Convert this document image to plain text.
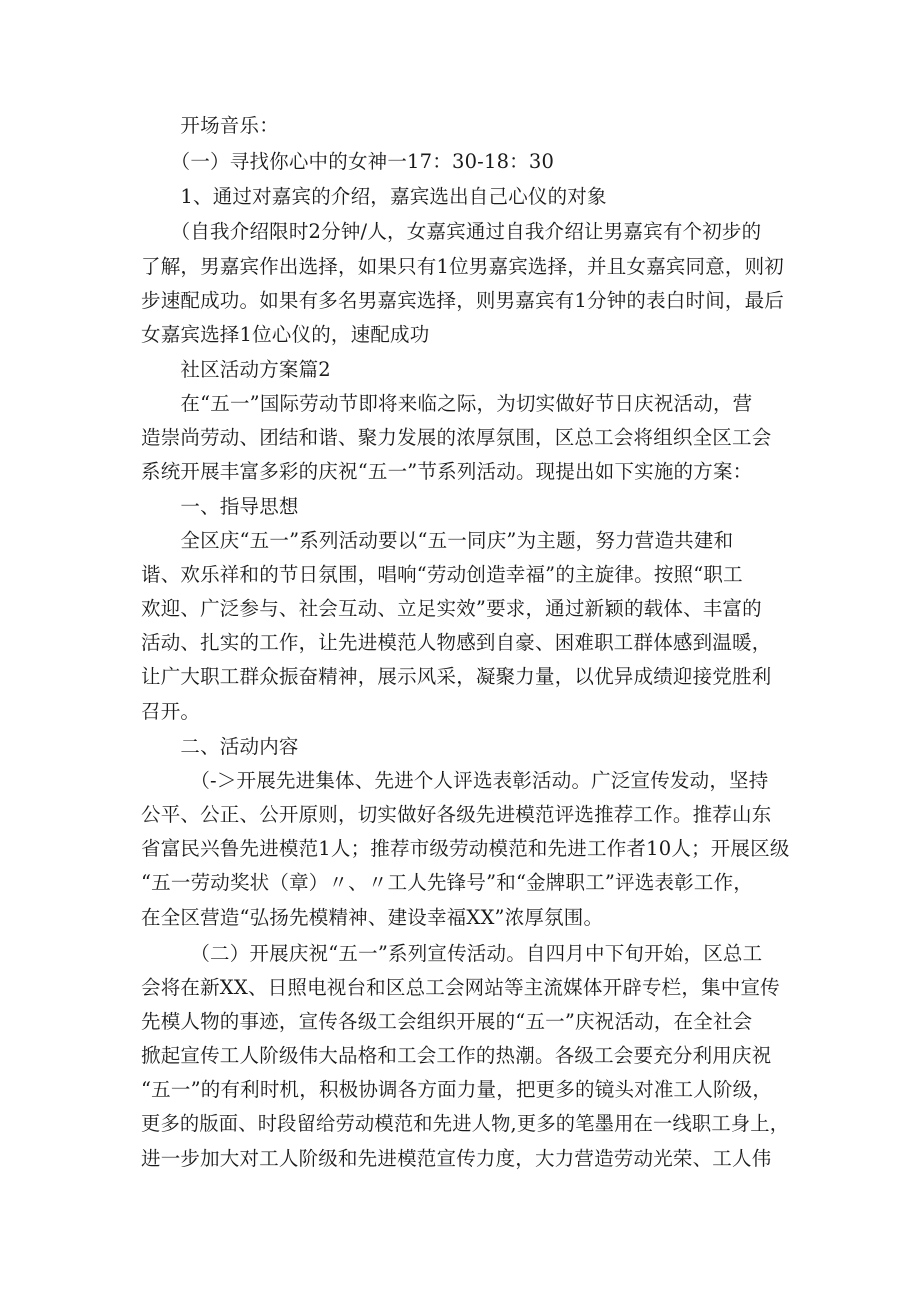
　　开场音乐：
　　（一）寻找你心中的女神一17：30-18：30
　　1、通过对嘉宾的介绍，嘉宾选出自己心仪的对象
　　（自我介绍限时2分钟/人，女嘉宾通过自我介绍让男嘉宾有个初步的
了解，男嘉宾作出选择，如果只有1位男嘉宾选择，并且女嘉宾同意，则初
步速配成功。如果有多名男嘉宾选择，则男嘉宾有1分钟的表白时间，最后
女嘉宾选择1位心仪的，速配成功
　　社区活动方案篇2
　　在“五一”国际劳动节即将来临之际，为切实做好节日庆祝活动，营
造崇尚劳动、团结和谐、聚力发展的浓厚氛围，区总工会将组织全区工会
系统开展丰富多彩的庆祝“五一”节系列活动。现提出如下实施的方案：
　　一、指导思想
　　全区庆“五一”系列活动要以“五一同庆”为主题，努力营造共建和
谐、欢乐祥和的节日氛围，唱响“劳动创造幸福”的主旋律。按照“职工
欢迎、广泛参与、社会互动、立足实效”要求，通过新颖的载体、丰富的
活动、扎实的工作，让先进模范人物感到自豪、困难职工群体感到温暖，
让广大职工群众振奋精神，展示风采，凝聚力量，以优异成绩迎接党胜利
召开。
　　二、活动内容
　　　（-＞开展先进集体、先进个人评选表彰活动。广泛宣传发动，坚持
公平、公正、公开原则，切实做好各级先进模范评选推荐工作。推荐山东
省富民兴鲁先进模范1人；推荐市级劳动模范和先进工作者10人；开展区级
“五一劳动奖状（章）〃、〃工人先锋号”和“金牌职工”评选表彰工作，
在全区营造“弘扬先模精神、建设幸福XX”浓厚氛围。
　　　（二）开展庆祝“五一”系列宣传活动。自四月中下旬开始，区总工
会将在新XX、日照电视台和区总工会网站等主流媒体开辟专栏，集中宣传
先模人物的事迹，宣传各级工会组织开展的“五一”庆祝活动，在全社会
掀起宣传工人阶级伟大品格和工会工作的热潮。各级工会要充分利用庆祝
“五一”的有利时机，积极协调各方面力量，把更多的镜头对准工人阶级，
更多的版面、时段留给劳动模范和先进人物,更多的笔墨用在一线职工身上，
进一步加大对工人阶级和先进模范宣传力度，大力营造劳动光荣、工人伟
